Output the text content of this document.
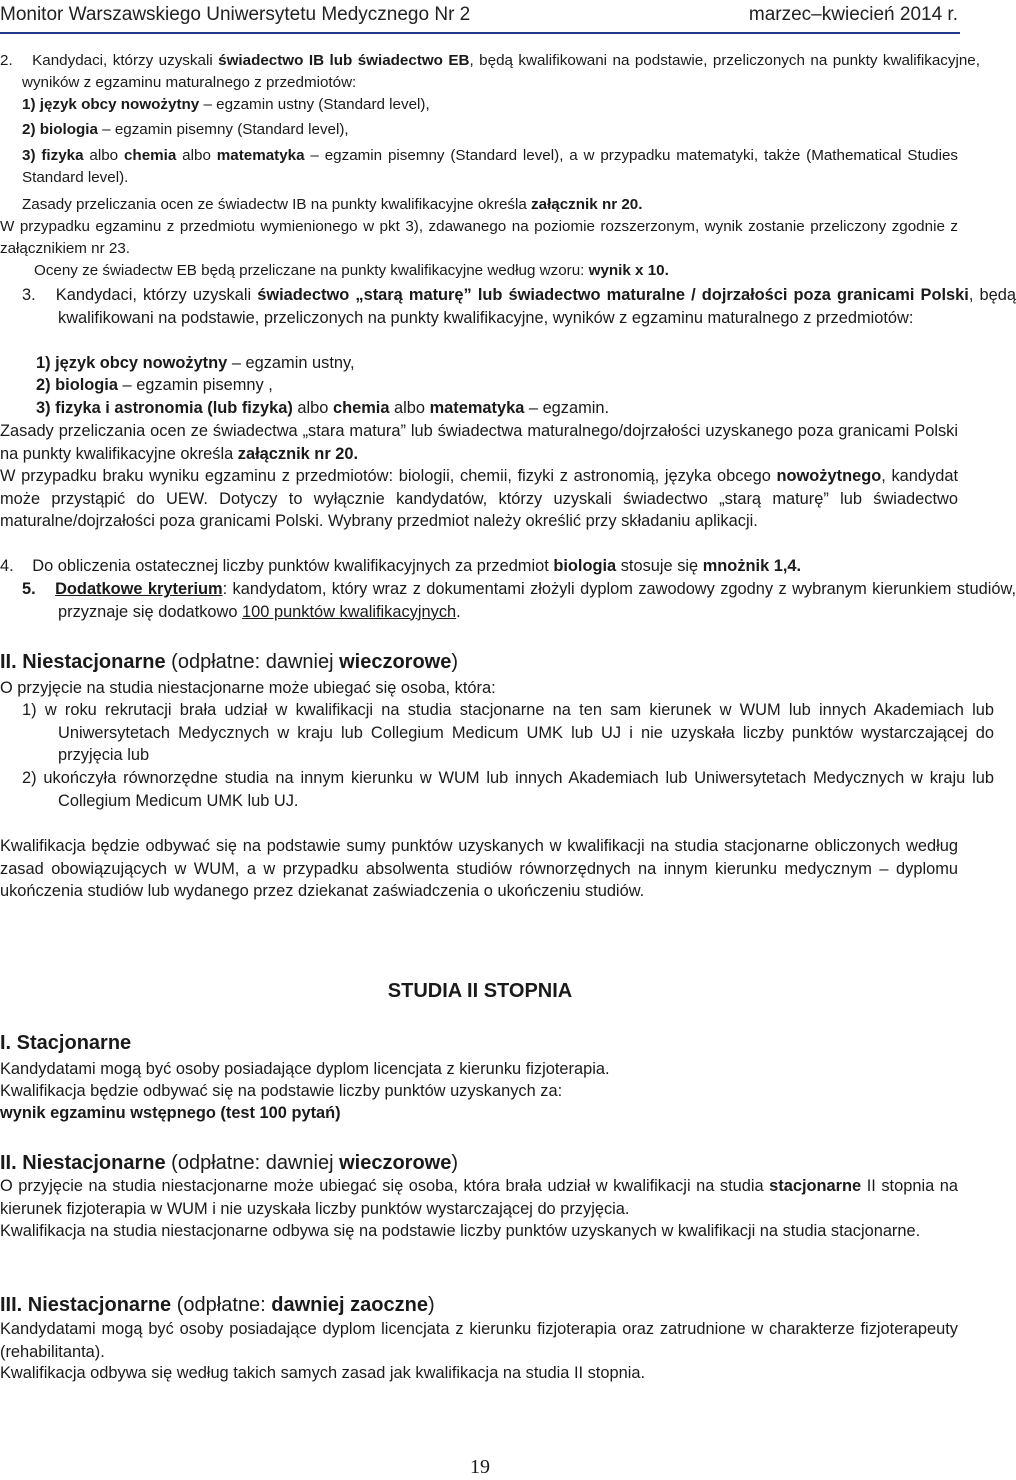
Monitor Warszawskiego Uniwersytetu Medycznego Nr 2	marzec–kwiecień 2014 r.

2. Kandydaci, którzy uzyskali świadectwo IB lub świadectwo EB, będą kwalifikowani na podstawie, przeliczonych na punkty kwalifikacyjne, wyników z egzaminu maturalnego z przedmiotów:

1) język obcy nowożytny – egzamin ustny (Standard level),

2) biologia – egzamin pisemny (Standard level),

3) fizyka albo chemia albo matematyka – egzamin pisemny (Standard level), a w przypadku matematyki, także (Mathematical Studies Standard level).

Zasady przeliczania ocen ze świadectw IB na punkty kwalifikacyjne określa załącznik nr 20.

W przypadku egzaminu z przedmiotu wymienionego w pkt 3), zdawanego na poziomie rozszerzonym, wynik zostanie przeliczony zgodnie z załącznikiem nr 23.

Oceny ze świadectw EB będą przeliczane na punkty kwalifikacyjne według wzoru: wynik x 10.

3. Kandydaci, którzy uzyskali świadectwo „starą maturę” lub świadectwo maturalne / dojrzałości poza granicami Polski, będą kwalifikowani na podstawie, przeliczonych na punkty kwalifikacyjne, wyników z egzaminu maturalnego z przedmiotów:

1) język obcy nowożytny – egzamin ustny,

2) biologia – egzamin pisemny ,

3) fizyka i astronomia (lub fizyka) albo chemia albo matematyka – egzamin.

Zasady przeliczania ocen ze świadectwa „stara matura” lub świadectwa maturalnego/dojrzałości uzyskanego poza granicami Polski na punkty kwalifikacyjne określa załącznik nr 20.

W przypadku braku wyniku egzaminu z przedmiotów: biologii, chemii, fizyki z astronomią, języka obcego nowożytnego, kandydat może przystąpić do UEW. Dotyczy to wyłącznie kandydatów, którzy uzyskali świadectwo „starą maturę” lub świadectwo maturalne/dojrzałości poza granicami Polski. Wybrany przedmiot należy określić przy składaniu aplikacji.

4. Do obliczenia ostatecznej liczby punktów kwalifikacyjnych za przedmiot biologia stosuje się mnożnik 1,4.

5. Dodatkowe kryterium: kandydatom, który wraz z dokumentami złożyli dyplom zawodowy zgodny z wybranym kierunkiem studiów, przyznaje się dodatkowo 100 punktów kwalifikacyjnych.

II. Niestacjonarne (odpłatne: dawniej wieczorowe)

O przyjęcie na studia niestacjonarne może ubiegać się osoba, która:

1) w roku rekrutacji brała udział w kwalifikacji na studia stacjonarne na ten sam kierunek w WUM lub innych Akademiach lub Uniwersytetach Medycznych w kraju lub Collegium Medicum UMK lub UJ i nie uzyskała liczby punktów wystarczającej do przyjęcia lub

2) ukończyła równorzędne studia na innym kierunku w WUM lub innych Akademiach lub Uniwersytetach Medycznych w kraju lub Collegium Medicum UMK lub UJ.

Kwalifikacja będzie odbywać się na podstawie sumy punktów uzyskanych w kwalifikacji na studia stacjonarne obliczonych według zasad obowiązujących w WUM, a w przypadku absolwenta studiów równorzędnych na innym kierunku medycznym – dyplomu ukończenia studiów lub wydanego przez dziekanat zaświadczenia o ukończeniu studiów.

STUDIA II STOPNIA

I. Stacjonarne

Kandydatami mogą być osoby posiadające dyplom licencjata z kierunku fizjoterapia.

Kwalifikacja będzie odbywać się na podstawie liczby punktów uzyskanych za:

wynik egzaminu wstępnego (test 100 pytań)

II. Niestacjonarne (odpłatne: dawniej wieczorowe)

O przyjęcie na studia niestacjonarne może ubiegać się osoba, która brała udział w kwalifikacji na studia stacjonarne II stopnia na kierunek fizjoterapia w WUM i nie uzyskała liczby punktów wystarczającej do przyjęcia.

Kwalifikacja na studia niestacjonarne odbywa się na podstawie liczby punktów uzyskanych w kwalifikacji na studia stacjonarne.

III. Niestacjonarne (odpłatne: dawniej zaoczne)

Kandydatami mogą być osoby posiadające dyplom licencjata z kierunku fizjoterapia oraz zatrudnione w charakterze fizjoterapeuty (rehabilitanta).

Kwalifikacja odbywa się według takich samych zasad jak kwalifikacja na studia II stopnia.

19
